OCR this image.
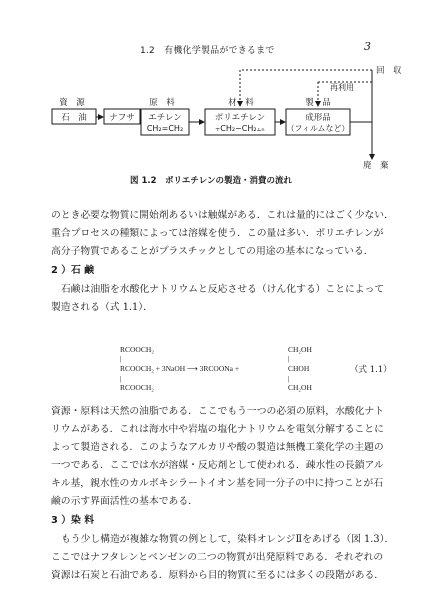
1.2　有機化学製品ができるまで	3
資　源	原　料	材　料	製　品
石　油	ナフサ エチレン
CH₂=CH₂
ポリエチレン
⫟CH₂−CH₂⫠ₙ
成形品
（フィルムなど）
回　収
再利用
廃　棄
図 1.2　ポリエチレンの製造・消費の流れ
のとき必要な物質に開始剤あるいは触媒がある．これは量的にはごく少ない．
重合プロセスの種類によっては溶媒を使う．この量は多い．ポリエチレンが
高分子物質であることがプラスチックとしての用途の基本になっている．
2 ）石 鹸
石鹸は油脂を水酸化ナトリウムと反応させる（けん化する）ことによって
製造される（式 1.1）．
RCOOCH₂
RCOOCH₂ + 3NaOH ⟶ 3RCOONa +
|
|
RCOOCH₂
CH₂OH
|
CHOH
|
CH₂OH
（式 1.1）
資源・原料は天然の油脂である．ここでもう一つの必須の原料，水酸化ナト
リウムがある．これは海水中や岩塩の塩化ナトリウムを電気分解することに
よって製造される．このようなアルカリや酸の製造は無機工業化学の主題の
一つである．ここでは水が溶媒・反応剤として使われる．疎水性の長鎖アル
キル基，親水性のカルボキシラートイオン基を同一分子の中に持つことが石
鹸の示す界面活性の基本である．
3 ）染 料
もう少し構造が複雑な物質の例として，染料オレンジⅡをあげる（図 1.3）．
ここではナフタレンとベンゼンの二つの物質が出発原料である．それぞれの
資源は石炭と石油である．原料から目的物質に至るには多くの段階がある．
